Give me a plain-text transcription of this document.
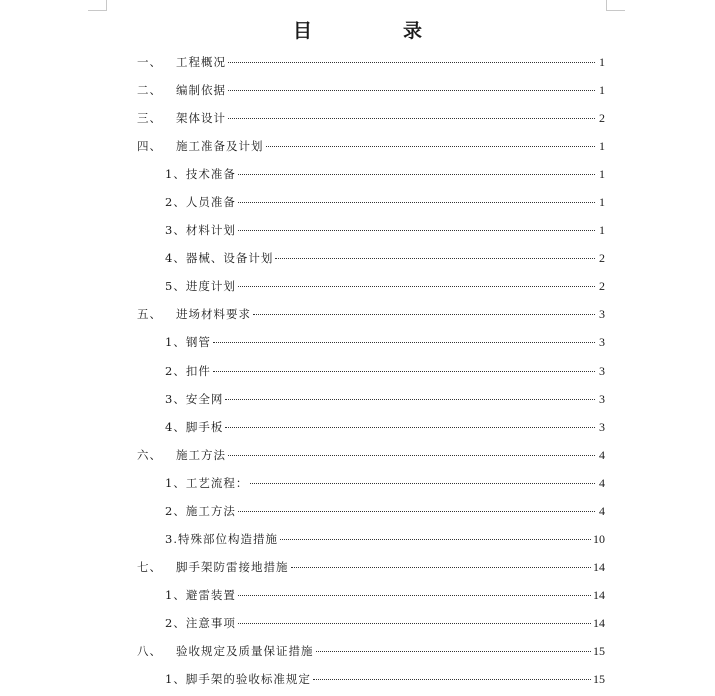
目　录
一、 工程概况	1
二、 编制依据	1
三、 架体设计	2
四、 施工准备及计划	1
1、 技术准备	1
2、 人员准备	1
3、 材料计划	1
4、 器械、设备计划	2
5、 进度计划	2
五、 进场材料要求	3
1、 钢管	3
2、 扣件	3
3、 安全网	3
4、 脚手板	3
六、 施工方法	4
1、 工艺流程：	4
2、 施工方法	4
3. 特殊部位构造措施	10
七、 脚手架防雷接地措施	14
1、 避雷装置	14
2、 注意事项	14
八、 验收规定及质量保证措施	15
1、 脚手架的验收标准规定	15
